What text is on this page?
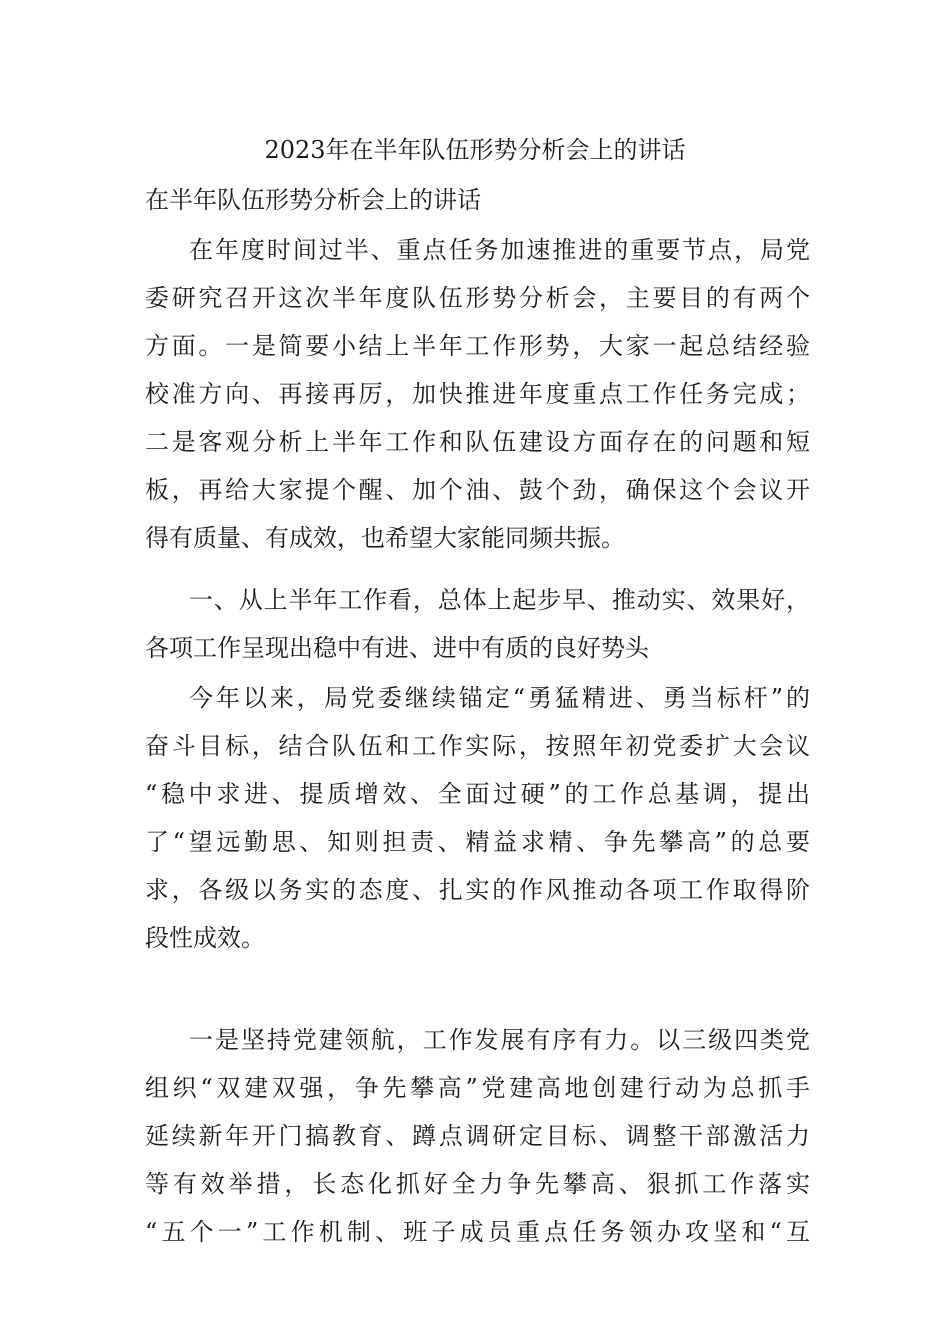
2023年在半年队伍形势分析会上的讲话

在半年队伍形势分析会上的讲话

在年度时间过半、重点任务加速推进的重要节点，局党
委研究召开这次半年度队伍形势分析会，主要目的有两个
方面。一是简要小结上半年工作形势，大家一起总结经验
校准方向、再接再厉，加快推进年度重点工作任务完成；
二是客观分析上半年工作和队伍建设方面存在的问题和短
板，再给大家提个醒、加个油、鼓个劲，确保这个会议开
得有质量、有成效，也希望大家能同频共振。
一、从上半年工作看，总体上起步早、推动实、效果好，
各项工作呈现出稳中有进、进中有质的良好势头
今年以来，局党委继续锚定“勇猛精进、勇当标杆”的
奋斗目标，结合队伍和工作实际，按照年初党委扩大会议
“稳中求进、提质增效、全面过硬”的工作总基调，提出
了“望远勤思、知则担责、精益求精、争先攀高”的总要
求，各级以务实的态度、扎实的作风推动各项工作取得阶
段性成效。
一是坚持党建领航，工作发展有序有力。以三级四类党
组织“双建双强，争先攀高”党建高地创建行动为总抓手
延续新年开门搞教育、蹲点调研定目标、调整干部激活力
等有效举措，长态化抓好全力争先攀高、狠抓工作落实
“五个一”工作机制、班子成员重点任务领办攻坚和“互
